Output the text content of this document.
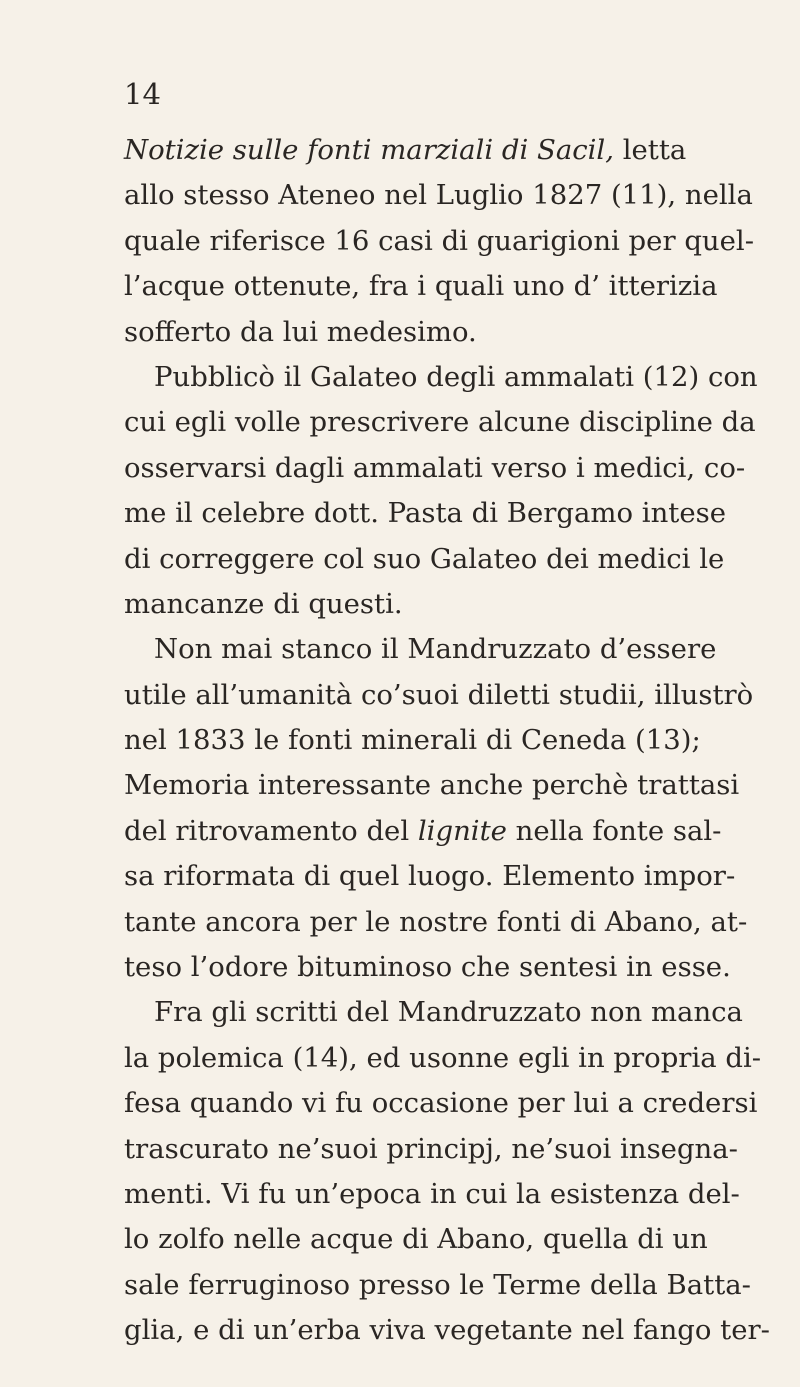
14
Notizie sulle fonti marziali di Sacil, letta
allo stesso Ateneo nel Luglio 1827 (11), nella
quale riferisce 16 casi di guarigioni per quel-
l’acque ottenute, fra i quali uno d’ itterizia
sofferto da lui medesimo.
Pubblicò il Galateo degli ammalati (12) con
cui egli volle prescrivere alcune discipline da
osservarsi dagli ammalati verso i medici, co-
me il celebre dott. Pasta di Bergamo intese
di correggere col suo Galateo dei medici le
mancanze di questi.
Non mai stanco il Mandruzzato d’essere
utile all’umanità co’suoi diletti studii, illustrò
nel 1833 le fonti minerali di Ceneda (13);
Memoria interessante anche perchè trattasi
del ritrovamento del lignite nella fonte sal-
sa riformata di quel luogo. Elemento impor-
tante ancora per le nostre fonti di Abano, at-
teso l’odore bituminoso che sentesi in esse.
Fra gli scritti del Mandruzzato non manca
la polemica (14), ed usonne egli in propria di-
fesa quando vi fu occasione per lui a credersi
trascurato ne’suoi principj, ne’suoi insegna-
menti. Vi fu un’epoca in cui la esistenza del-
lo zolfo nelle acque di Abano, quella di un
sale ferruginoso presso le Terme della Batta-
glia, e di un’erba viva vegetante nel fango ter-
